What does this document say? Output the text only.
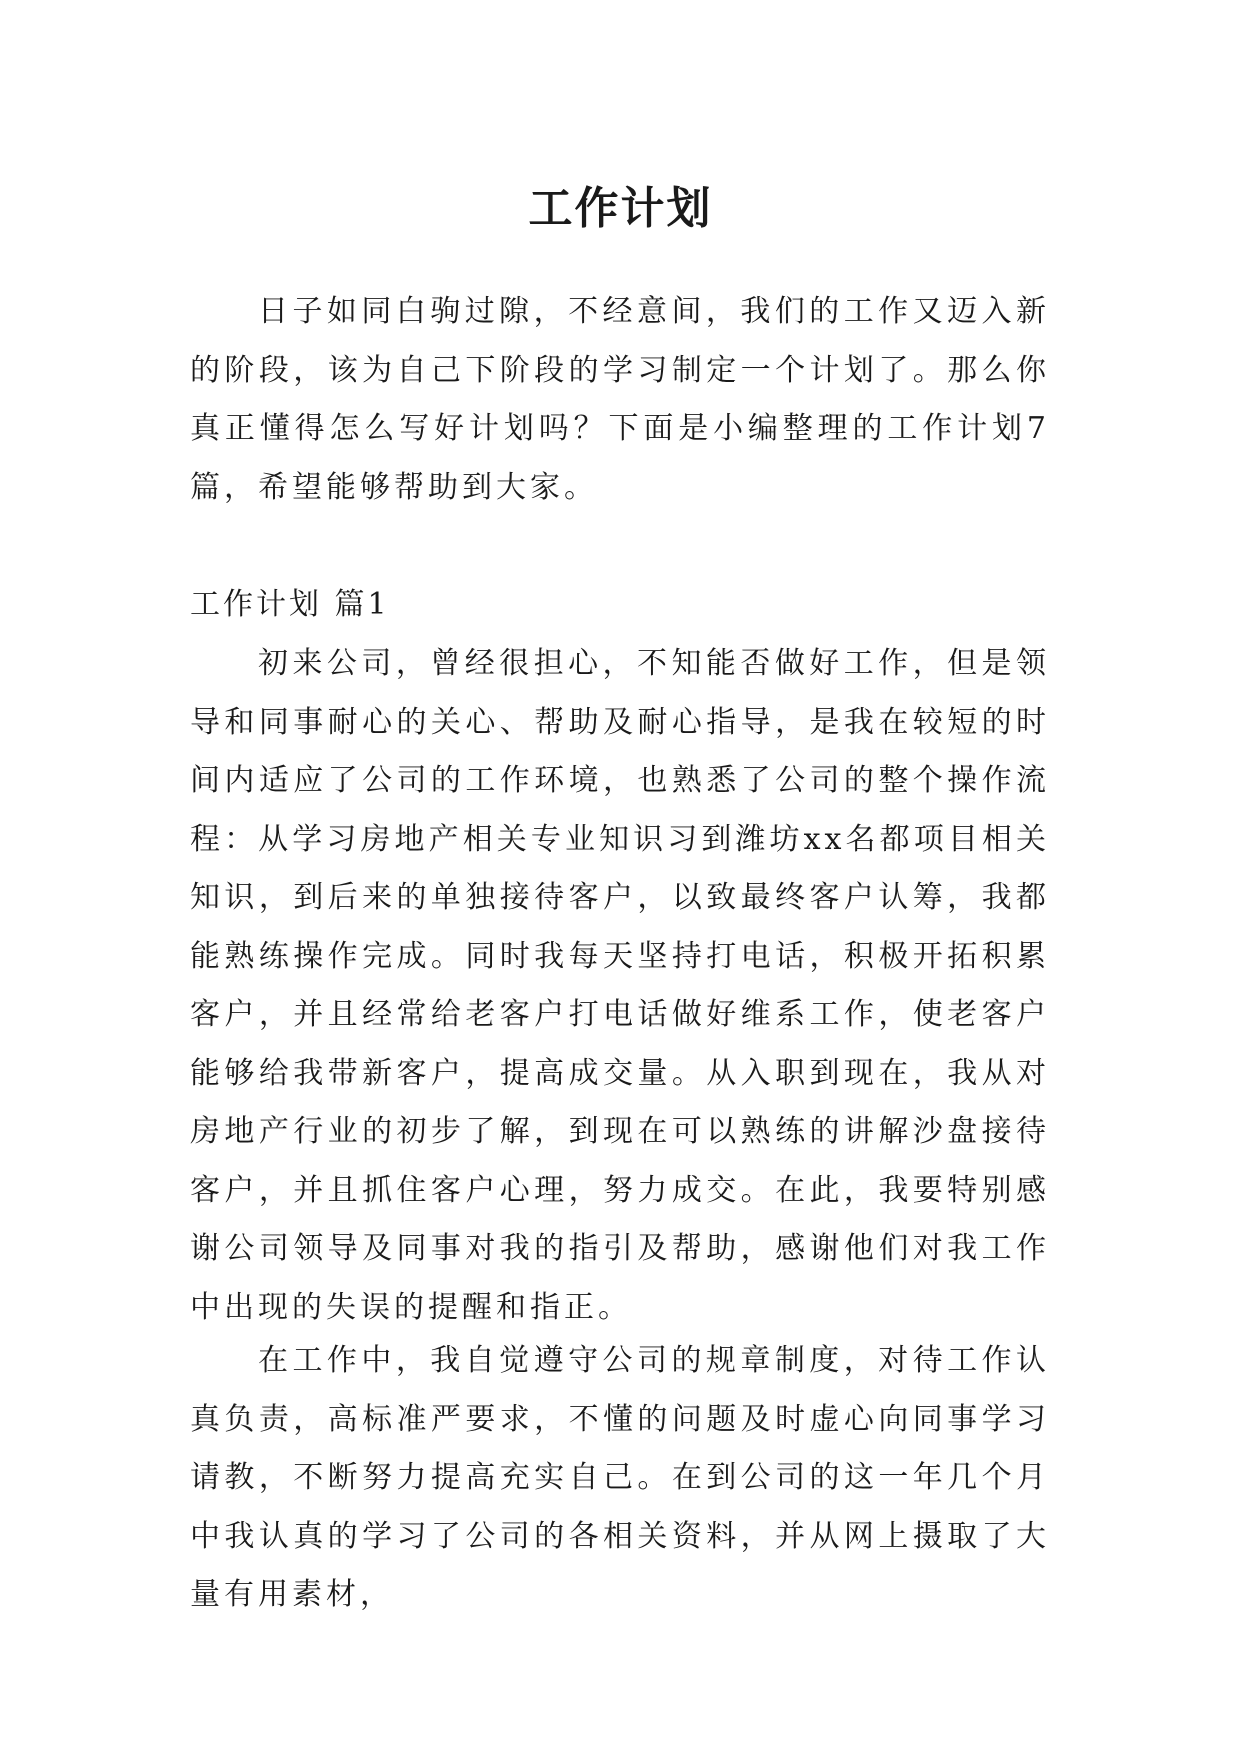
工作计划

日子如同白驹过隙，不经意间，我们的工作又迈入新的阶段，该为自己下阶段的学习制定一个计划了。那么你真正懂得怎么写好计划吗？下面是小编整理的工作计划7篇，希望能够帮助到大家。

工作计划 篇1

初来公司，曾经很担心，不知能否做好工作，但是领导和同事耐心的关心、帮助及耐心指导，是我在较短的时间内适应了公司的工作环境，也熟悉了公司的整个操作流程：从学习房地产相关专业知识习到潍坊xx名都项目相关知识，到后来的单独接待客户，以致最终客户认筹，我都能熟练操作完成。同时我每天坚持打电话，积极开拓积累客户，并且经常给老客户打电话做好维系工作，使老客户能够给我带新客户，提高成交量。从入职到现在，我从对房地产行业的初步了解，到现在可以熟练的讲解沙盘接待客户，并且抓住客户心理，努力成交。在此，我要特别感谢公司领导及同事对我的指引及帮助，感谢他们对我工作中出现的失误的提醒和指正。

在工作中，我自觉遵守公司的规章制度，对待工作认真负责，高标准严要求，不懂的问题及时虚心向同事学习请教，不断努力提高充实自己。在到公司的这一年几个月中我认真的学习了公司的各相关资料，并从网上摄取了大量有用素材，
